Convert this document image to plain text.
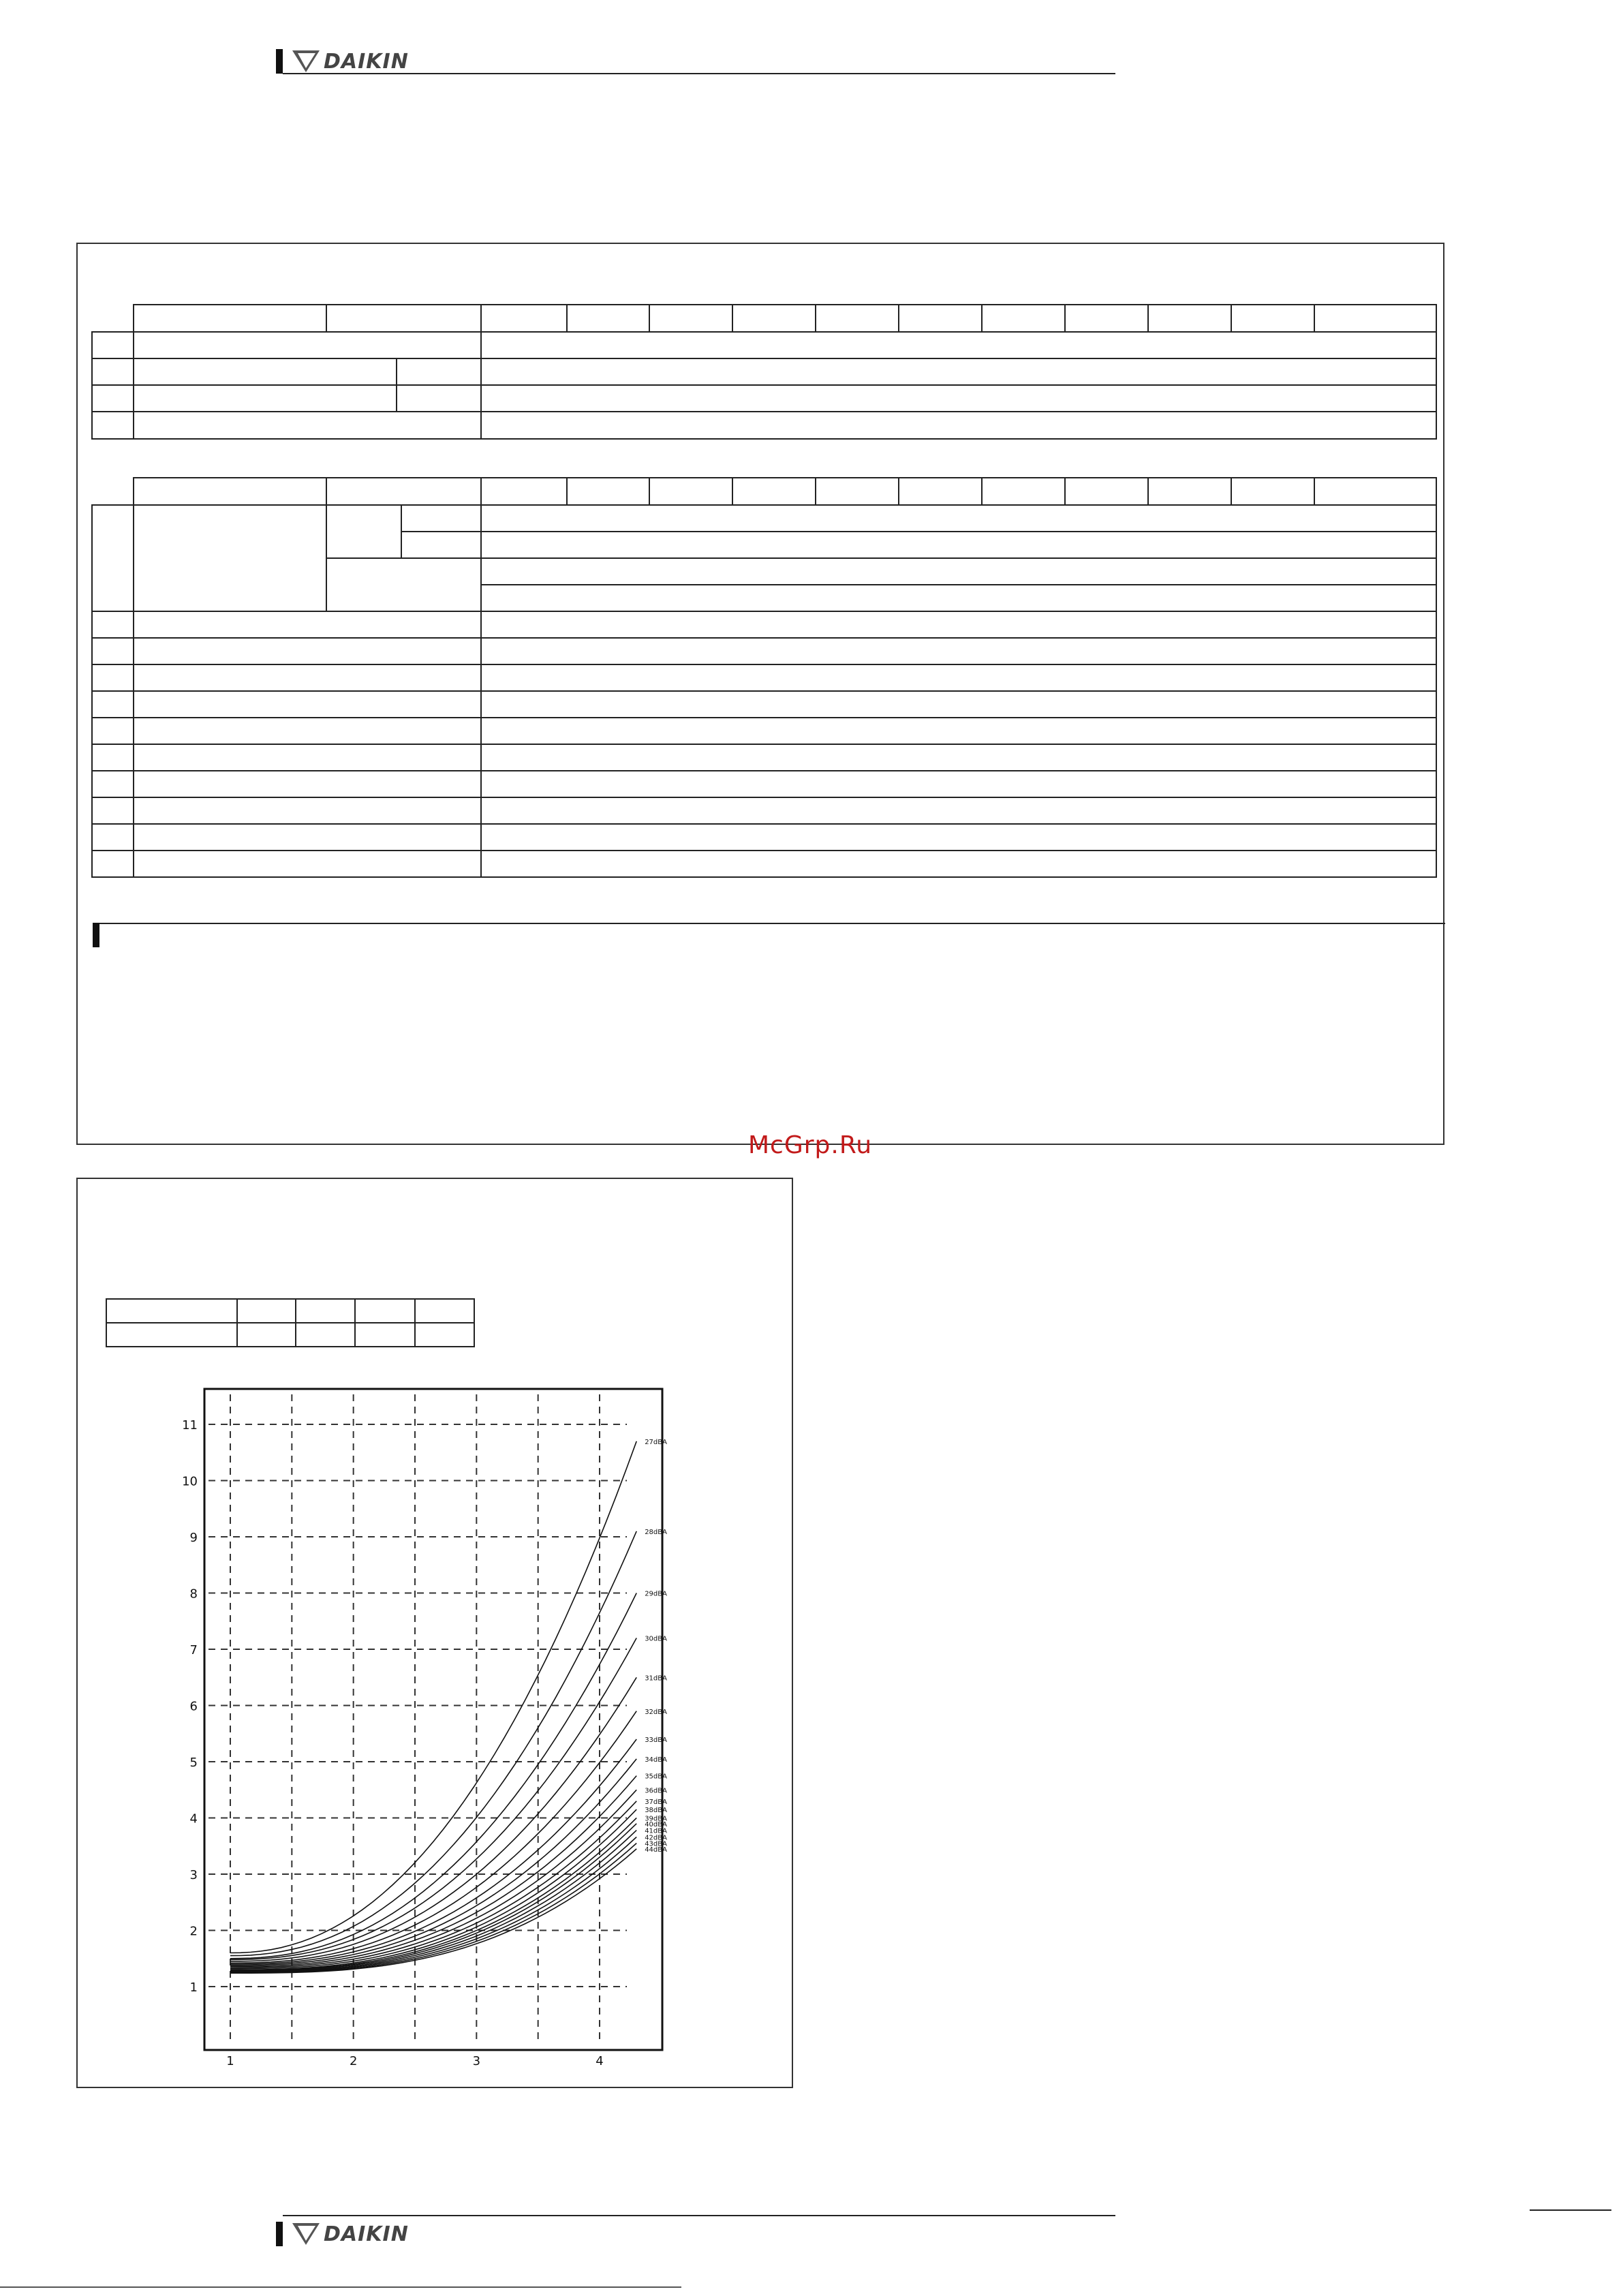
DAIKIN

McGrp.Ru

27dBA
28dBA
29dBA
30dBA
31dBA
32dBA
33dBA
34dBA
35dBA
36dBA
37dBA
38dBA
39dBA
40dBA
41dBA
42dBA
43dBA
44dBA
1
2
3
4
5
6
7
8
9
10
11
1	2	3	4
DAIKIN
